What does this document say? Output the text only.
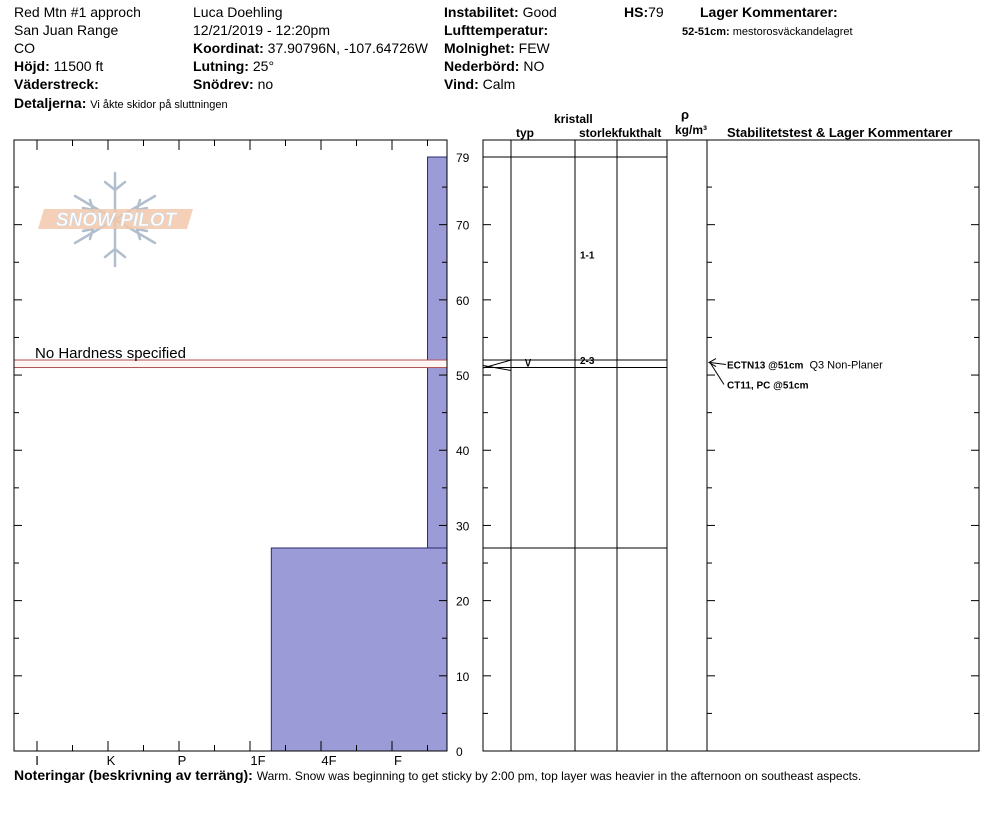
Red Mtn #1 approch
San Juan Range
CO
Höjd: 11500 ft
Väderstreck:
Detaljerna: Vi åkte skidor på sluttningen
Luca Doehling
12/21/2019 - 12:20pm
Koordinat: 37.90796N, -107.64726W
Lutning: 25°
Snödrev: no
Instabilitet: Good
Lufttemperatur:
Molnighet: FEW
Nederbörd: NO
Vind: Calm
HS:79	Lager Kommentarer:
52-51cm: mestorosväckandelagret
kristall
typ	storlek fukthalt
ρ
kg/m³ Stabilitetstest & Lager Kommentarer
SNOW PILOT
No Hardness specified
I	K	P	1F	4F	F
0
10
20
30
40
50
60
70
79
∨
1-1
2-3	ECTN13 @51cm Q3 Non-Planer
CT11, PC @51cm
Noteringar (beskrivning av terräng): Warm. Snow was beginning to get sticky by 2:00 pm, top layer was heavier in the afternoon on southeast aspects.
